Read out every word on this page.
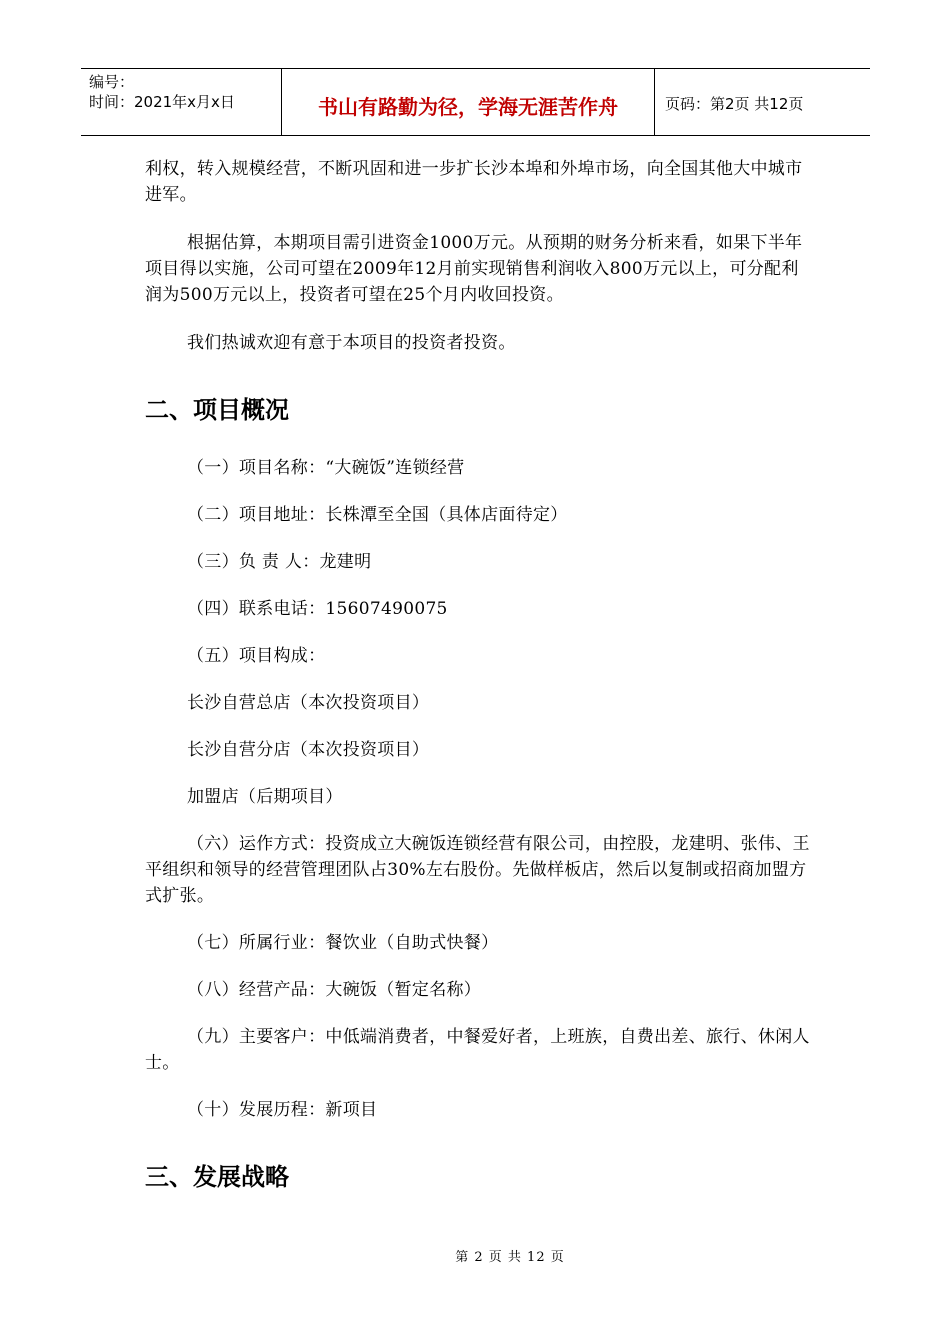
编号：
时间：2021年x月x日	书山有路勤为径，学海无涯苦作舟	页码：第2页 共12页

利权，转入规模经营，不断巩固和进一步扩长沙本埠和外埠市场，向全国其他大中城市进军。

根据估算，本期项目需引进资金1000万元。从预期的财务分析来看，如果下半年项目得以实施，公司可望在2009年12月前实现销售利润收入800万元以上，可分配利润为500万元以上，投资者可望在25个月内收回投资。

我们热诚欢迎有意于本项目的投资者投资。

二、项目概况

（一）项目名称：“大碗饭”连锁经营

（二）项目地址：长株潭至全国（具体店面待定）

（三）负 责 人：龙建明

（四）联系电话：15607490075

（五）项目构成：

长沙自营总店（本次投资项目）

长沙自营分店（本次投资项目）

加盟店（后期项目）

（六）运作方式：投资成立大碗饭连锁经营有限公司，由控股，龙建明、张伟、王平组织和领导的经营管理团队占30%左右股份。先做样板店，然后以复制或招商加盟方式扩张。

（七）所属行业：餐饮业（自助式快餐）

（八）经营产品：大碗饭（暂定名称）

（九）主要客户：中低端消费者，中餐爱好者，上班族，自费出差、旅行、休闲人士。

（十）发展历程：新项目

三、发展战略
第 2 页 共 12 页
